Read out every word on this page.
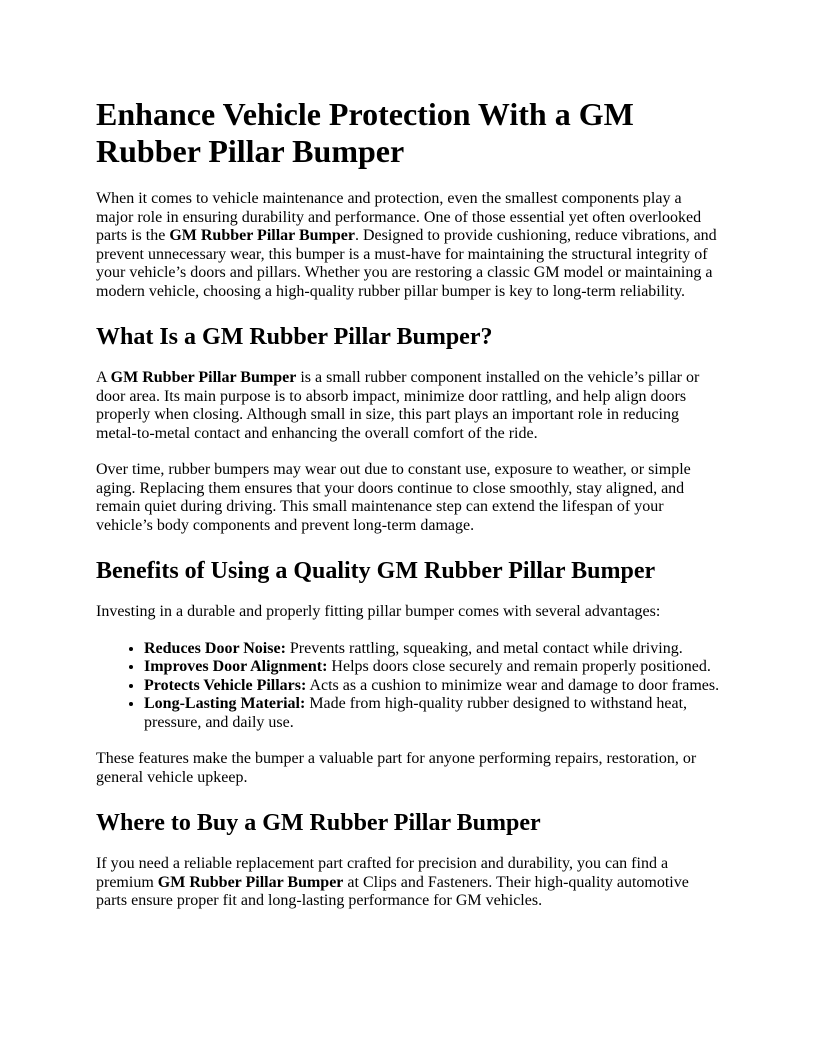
Enhance Vehicle Protection With a GM Rubber Pillar Bumper

When it comes to vehicle maintenance and protection, even the smallest components play a major role in ensuring durability and performance. One of those essential yet often overlooked parts is the GM Rubber Pillar Bumper. Designed to provide cushioning, reduce vibrations, and prevent unnecessary wear, this bumper is a must-have for maintaining the structural integrity of your vehicle’s doors and pillars. Whether you are restoring a classic GM model or maintaining a modern vehicle, choosing a high-quality rubber pillar bumper is key to long-term reliability.

What Is a GM Rubber Pillar Bumper?

A GM Rubber Pillar Bumper is a small rubber component installed on the vehicle’s pillar or door area. Its main purpose is to absorb impact, minimize door rattling, and help align doors properly when closing. Although small in size, this part plays an important role in reducing metal-to-metal contact and enhancing the overall comfort of the ride.

Over time, rubber bumpers may wear out due to constant use, exposure to weather, or simple aging. Replacing them ensures that your doors continue to close smoothly, stay aligned, and remain quiet during driving. This small maintenance step can extend the lifespan of your vehicle’s body components and prevent long-term damage.

Benefits of Using a Quality GM Rubber Pillar Bumper

Investing in a durable and properly fitting pillar bumper comes with several advantages:

• Reduces Door Noise: Prevents rattling, squeaking, and metal contact while driving.
• Improves Door Alignment: Helps doors close securely and remain properly positioned.
• Protects Vehicle Pillars: Acts as a cushion to minimize wear and damage to door frames.
• Long-Lasting Material: Made from high-quality rubber designed to withstand heat, pressure, and daily use.

These features make the bumper a valuable part for anyone performing repairs, restoration, or general vehicle upkeep.

Where to Buy a GM Rubber Pillar Bumper

If you need a reliable replacement part crafted for precision and durability, you can find a premium GM Rubber Pillar Bumper at Clips and Fasteners. Their high-quality automotive parts ensure proper fit and long-lasting performance for GM vehicles.
